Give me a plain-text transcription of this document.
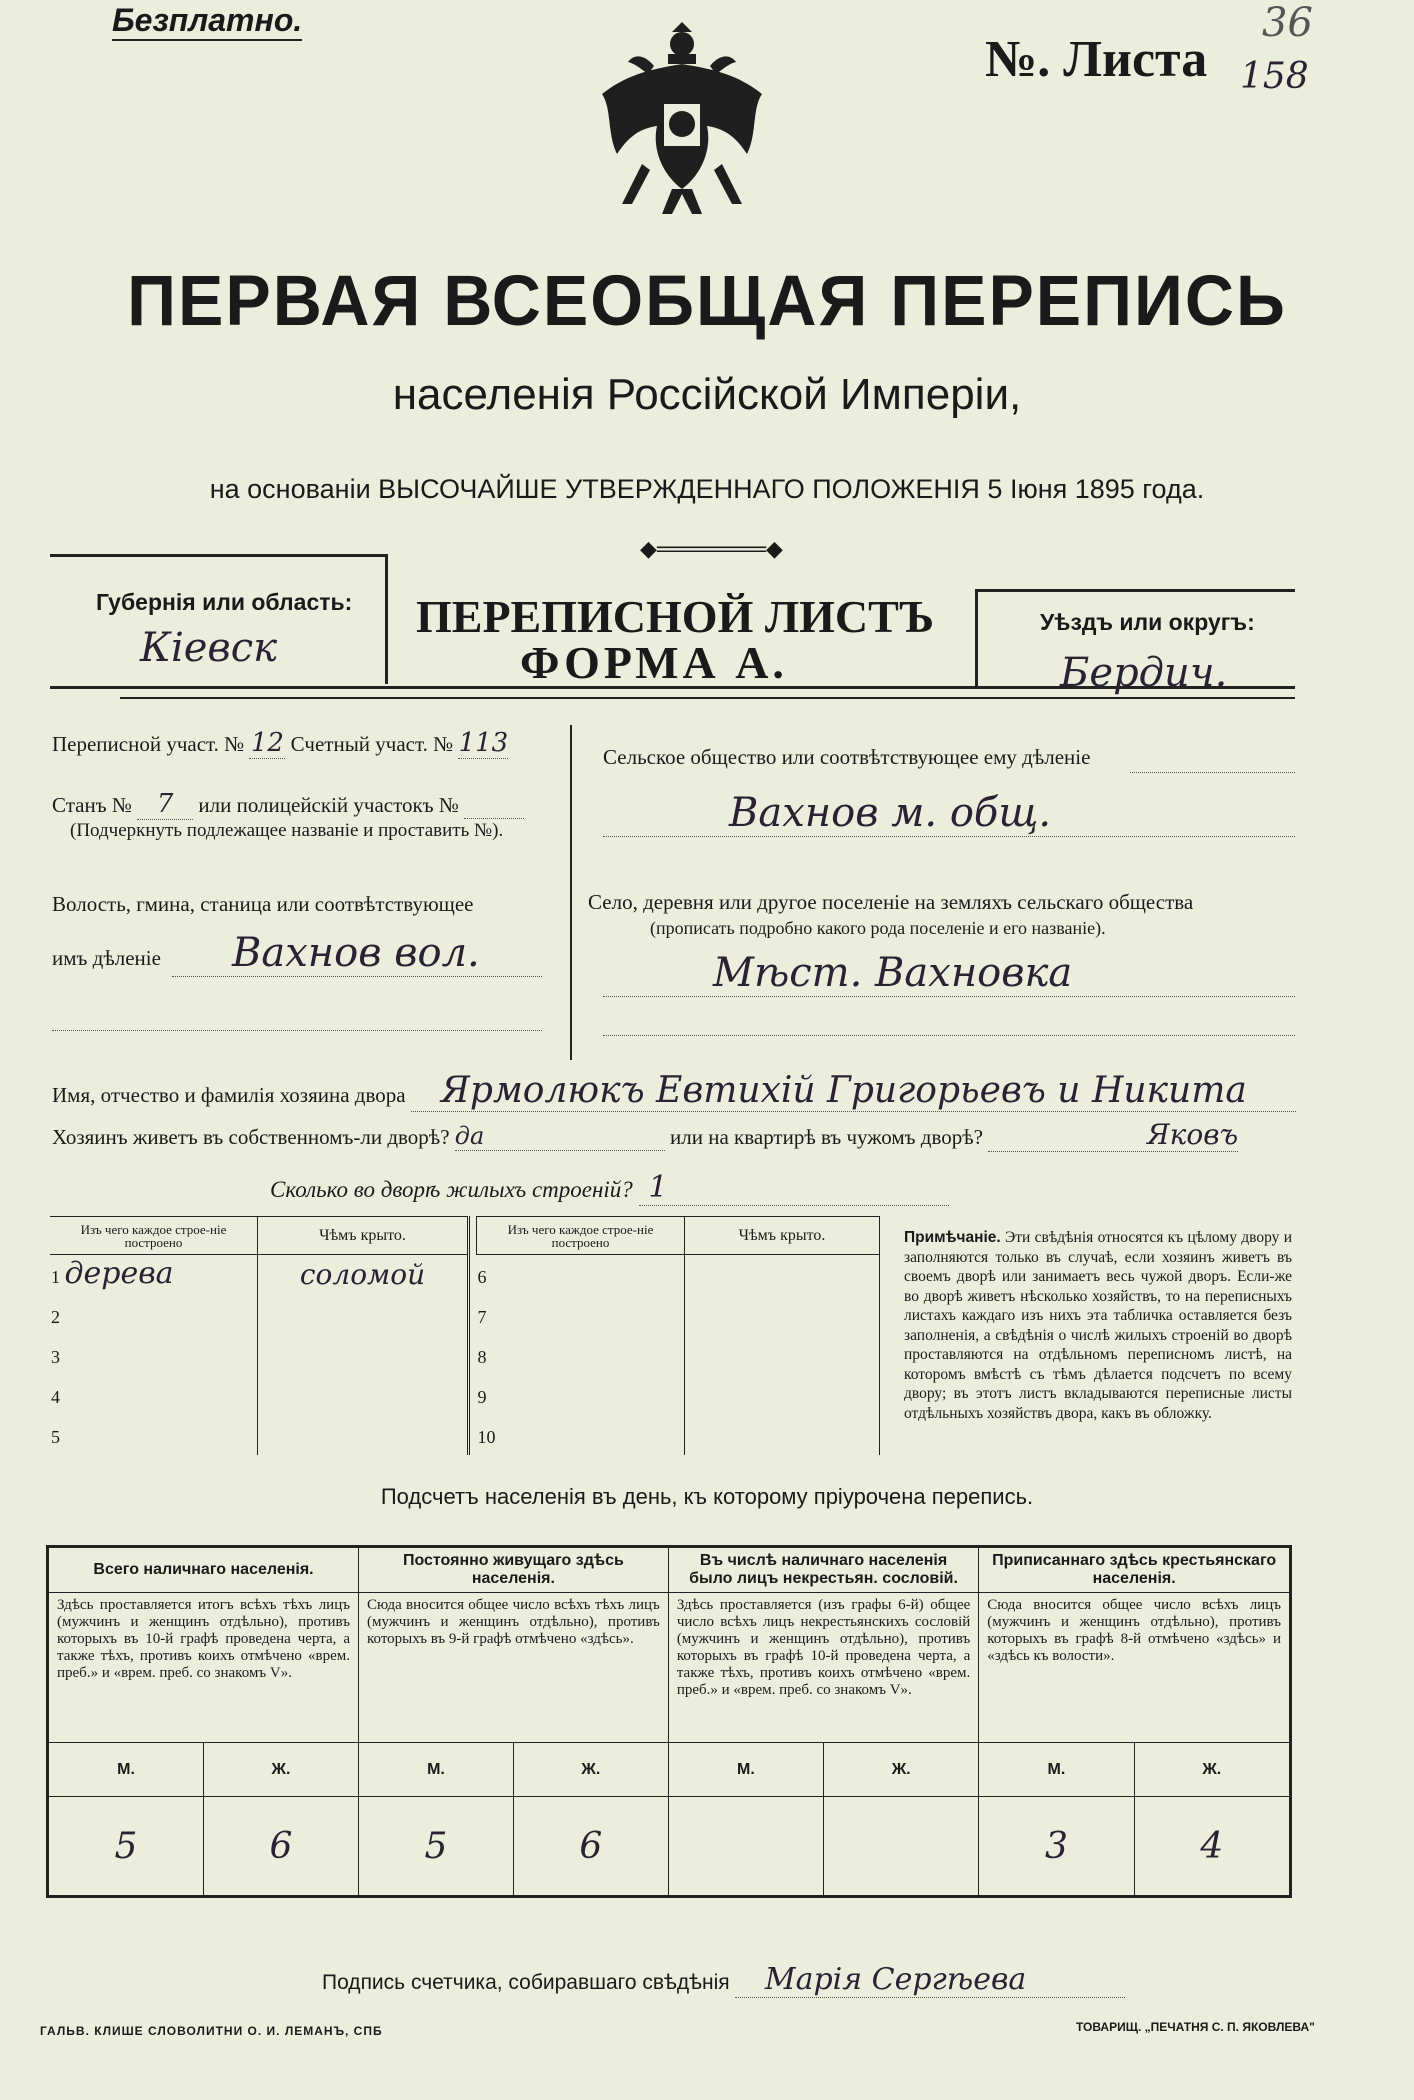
Безплатно.
№. Листа 158
36
ПЕРВАЯ ВСЕОБЩАЯ ПЕРЕПИСЬ
населенія Россійской Имперіи,
на основаніи ВЫСОЧАЙШЕ УТВЕРЖДЕННАГО ПОЛОЖЕНІЯ 5 Іюня 1895 года.
◆═══════◆
Губернія или область:
Кiевск
ПЕРЕПИСНОЙ ЛИСТЪ
ФОРМА А.
Уѣздъ или округъ:
Бердич.
Переписной участ. № 12 Счетный участ. № 113
Станъ № 7 или полицейскій участокъ №
(Подчеркнуть подлежащее названіе и проставить №).
Волость, гмина, станица или соотвѣтствующее
имъ дѣленіе	Вахнов вол.
Сельское общество или соотвѣтствующее ему дѣленіе
Вахнов м. общ.
Село, деревня или другое поселеніе на земляхъ сельскаго общества
(прописать подробно какого рода поселеніе и его названіе).
Мѣст. Вахновка
Имя, отчество и фамилія хозяина двора Ярмолюкъ Евтихій Григорьевъ и Никита
Хозяинъ живетъ въ собственномъ-ли дворѣ? да	или на квартирѣ въ чужомъ дворѣ?	Яковъ
Сколько во дворѣ жилыхъ строеній? 1
Изъ чего каждое строе-ніе построено	Чѣмъ крыто.
1 дерева	соломой
2	
3	
4	
5	
Изъ чего каждое строе-ніе построено	Чѣмъ крыто.
6	
7	
8	
9	
10	
Примѣчаніе. Эти свѣдѣнія относятся къ цѣлому двору и заполняются только въ случаѣ, если хозяинъ живетъ въ своемъ дворѣ или занимаетъ весь чужой дворъ. Если-же во дворѣ живетъ нѣсколько хозяйствъ, то на переписныхъ листахъ каждаго изъ нихъ эта табличка оставляется безъ заполненія, а свѣдѣнія о числѣ жилыхъ строеній во дворѣ проставляются на отдѣльномъ переписномъ листѣ, на которомъ вмѣстѣ съ тѣмъ дѣлается подсчетъ по всему двору; въ этотъ листъ вкладываются переписные листы отдѣльныхъ хозяйствъ двора, какъ въ обложку.
Подсчетъ населенія въ день, къ которому пріурочена перепись.
Всего наличнаго населенія.		Постоянно живущаго здѣсь населенія.		Въ числѣ наличнаго населенія было лицъ некрестьян. сословій.		Приписаннаго здѣсь крестьянскаго населенія.	
Здѣсь проставляется итогъ всѣхъ тѣхъ лицъ (мужчинъ и женщинъ отдѣльно), противъ которыхъ въ 10-й графѣ проведена черта, а также тѣхъ, противъ коихъ отмѣчено «врем. преб.» и «врем. преб. со знакомъ V».		Сюда вносится общее число всѣхъ тѣхъ лицъ (мужчинъ и женщинъ отдѣльно), противъ которыхъ въ 9-й графѣ отмѣчено «здѣсь».		Здѣсь проставляется (изъ графы 6-й) общее число всѣхъ лицъ некрестьянскихъ сословій (мужчинъ и женщинъ отдѣльно), противъ которыхъ въ графѣ 10-й проведена черта, а также тѣхъ, противъ коихъ отмѣчено «врем. преб.» и «врем. преб. со знакомъ V».		Сюда вносится общее число всѣхъ лицъ (мужчинъ и женщинъ отдѣльно), противъ которыхъ въ графѣ 8-й отмѣчено «здѣсь» и «здѣсь къ волости».	
М.	Ж.	М.	Ж.	М.	Ж.	М.	Ж.
5	6	5	6			3	4
Подпись счетчика, собиравшаго свѣдѣнія Марiя Сергѣева
ГАЛЬВ. КЛИШЕ СЛОВОЛИТНИ О. И. ЛЕМАНЪ, СПБ	ТОВАРИЩ. „ПЕЧАТНЯ С. П. ЯКОВЛЕВА"
